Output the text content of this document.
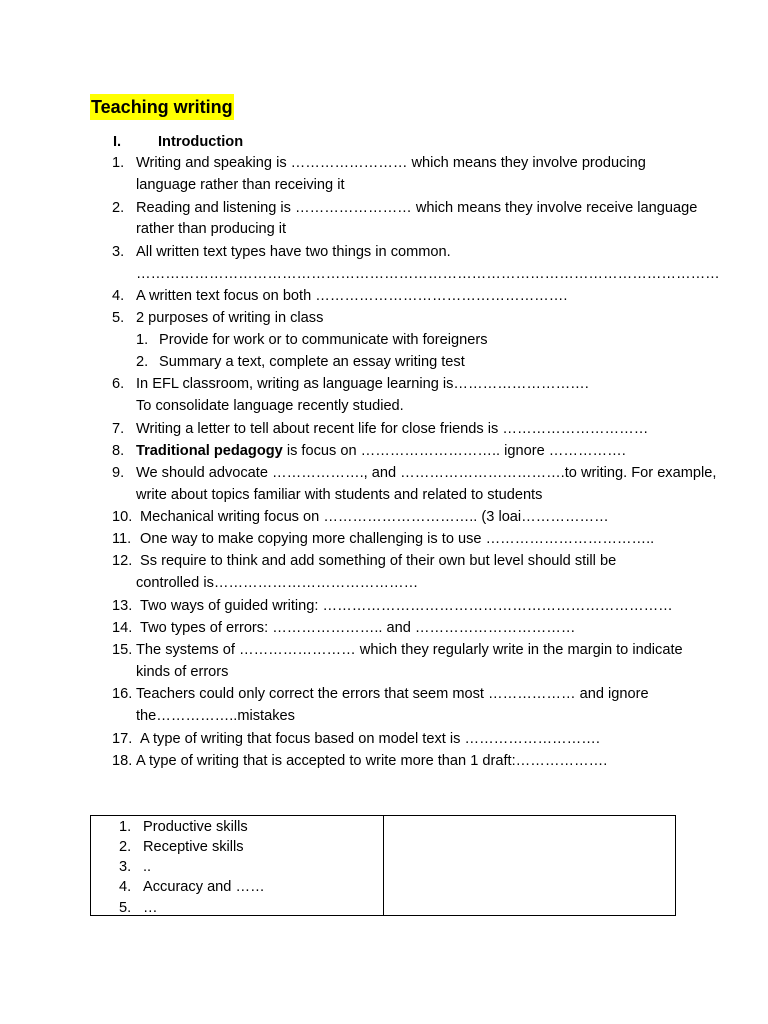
Teaching writing
I.	Introduction
1. Writing and speaking is …………………… which means they involve producing
language rather than receiving it
2. Reading and listening is …………………… which means they involve receive language
rather than producing it
3. All written text types have two things in common.
…………………………………………………………………………………………………………
4. A written text focus on both …………………………………………….
5. 2 purposes of writing in class
1. Provide for work or to communicate with foreigners
2. Summary a text, complete an essay writing test
6. In EFL classroom, writing as language learning is……………………….
To consolidate language recently studied.
7. Writing a letter to tell about recent life for close friends is …………………………
8. Traditional pedagogy is focus on ……………………….. ignore …………….
9. We should advocate ………………., and …………………………….to writing. For example,
write about topics familiar with students and related to students
10. Mechanical writing focus on ………………………….. (3 loai………………
11. One way to make copying more challenging is to use ……………………………..
12. Ss require to think and add something of their own but level should still be
controlled is……………………………………
13. Two ways of guided writing: ………………………………………………………………
14. Two types of errors: ………………….. and ……………………………
15. The systems of …………………… which they regularly write in the margin to indicate
kinds of errors
16. Teachers could only correct the errors that seem most ……………… and ignore
the……………..mistakes
17. A type of writing that focus based on model text is ……………………….
18. A type of writing that is accepted to write more than 1 draft:……………….
1. Productive skills
2. Receptive skills
3. ..
4. Accuracy and ……
5. …
